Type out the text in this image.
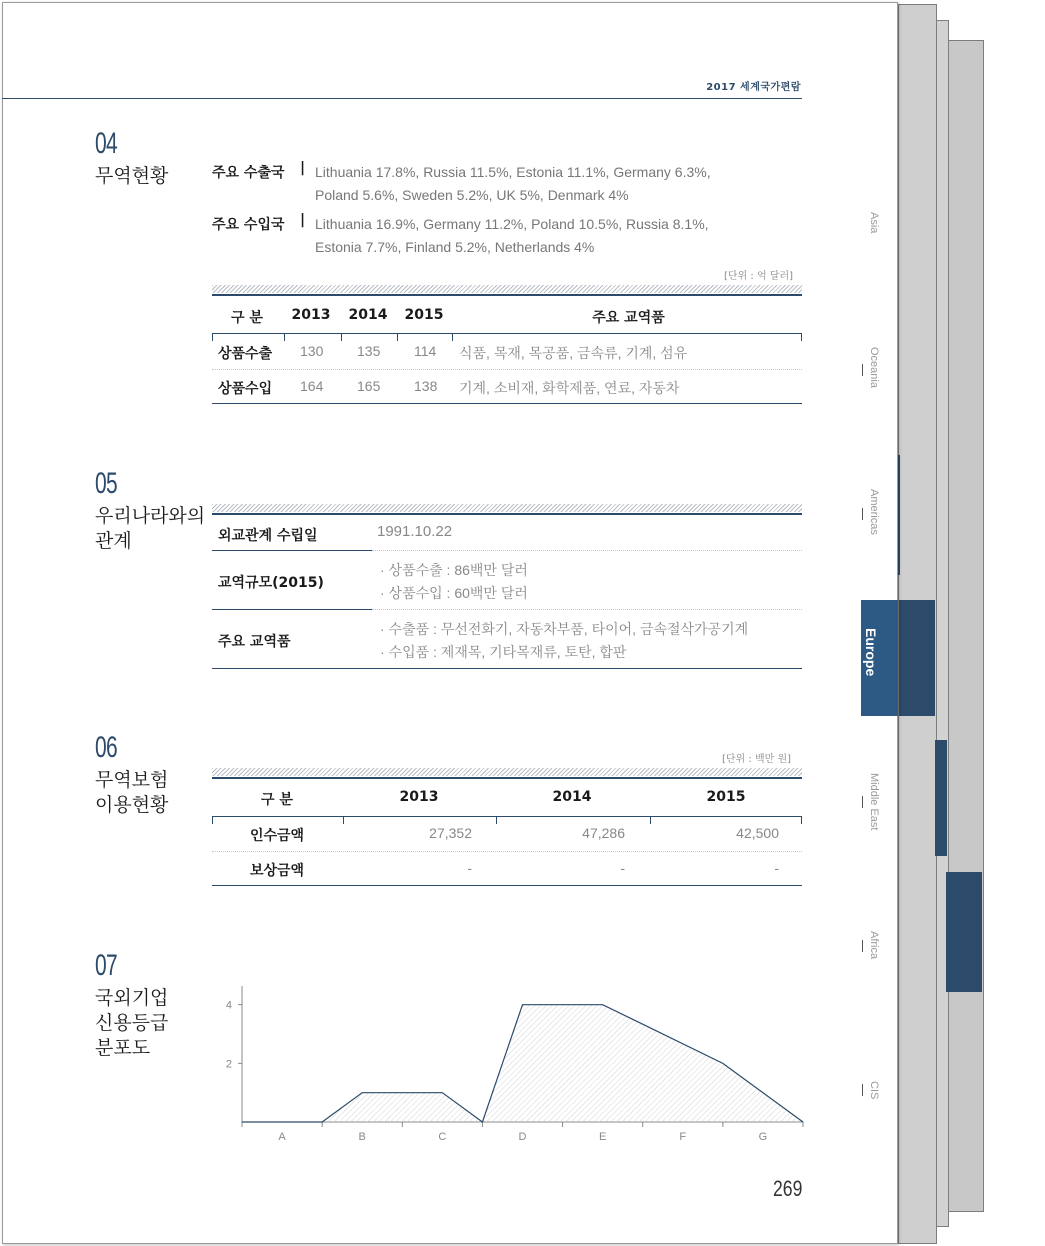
2017 세계국가편람
04
무역현황	주요 수출국 | Lithuania 17.8%, Russia 11.5%, Estonia 11.1%, Germany 6.3%,
Poland 5.6%, Sweden 5.2%, UK 5%, Denmark 4%
주요 수입국 | Lithuania 16.9%, Germany 11.2%, Poland 10.5%, Russia 8.1%,
Estonia 7.7%, Finland 5.2%, Netherlands 4%
[단위 : 억 달러]
구 분	2013	2014	2015	주요 교역품
상품수출 130 135 114 식품, 목재, 목공품, 금속류, 기계, 섬유
상품수입 164 165 138 기계, 소비재, 화학제품, 연료, 자동차
05
우리나라와의
관계	외교관계 수립일	1991.10.22
교역규모(2015)
· 상품수출 : 86백만 달러
· 상품수입 : 60백만 달러
주요 교역품
· 수출품 : 무선전화기, 자동차부품, 타이어, 금속절삭가공기계
· 수입품 : 제재목, 기타목재류, 토탄, 합판
06
무역보험
이용현황
[단위 : 백만 원]
구 분	2013	2014	2015
인수금액	27,352	47,286	42,500
보상금액	-	-	-
07
국외기업
신용등급
분포도
4
2
A	B	C	D	E	F	G
Asia
Oceania
Americas
Europe
Middle East
Africa
CIS
269
